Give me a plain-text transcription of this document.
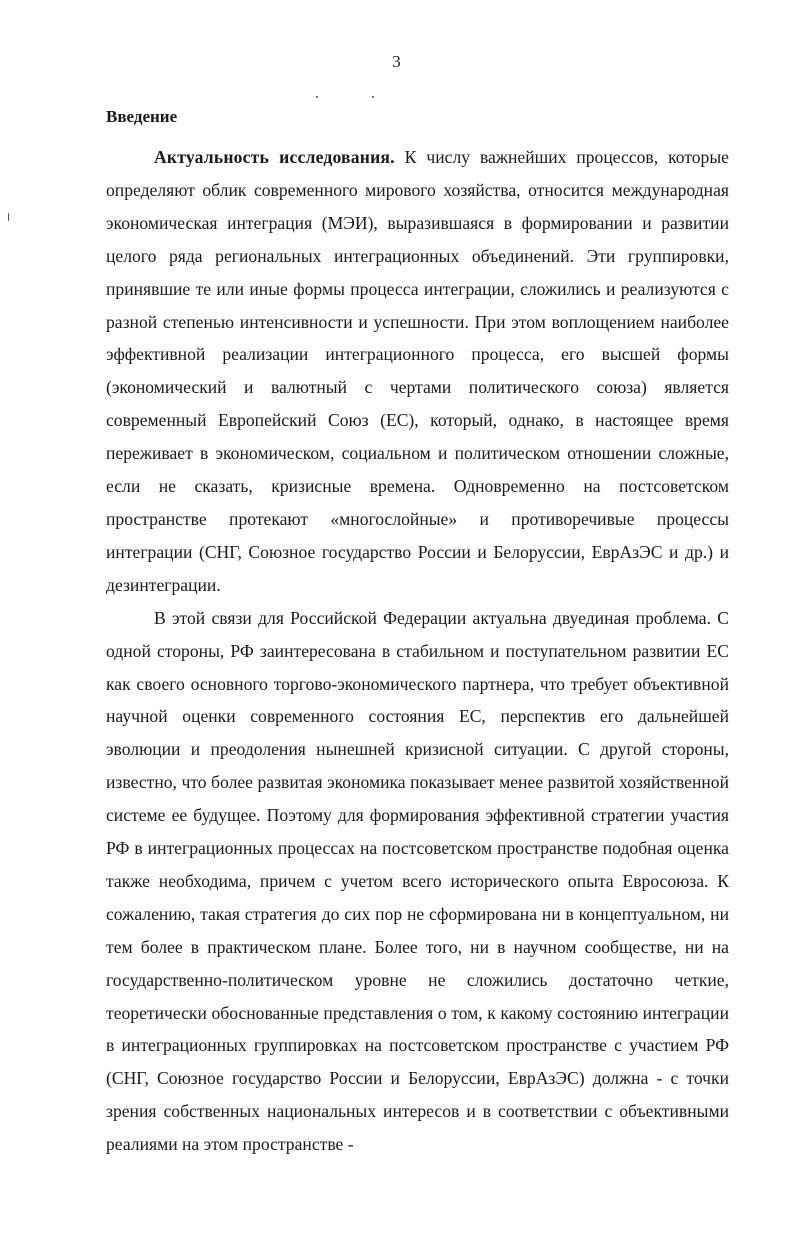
3
Введение

Актуальность исследования. К числу важнейших процессов, которые определяют облик современного мирового хозяйства, относится международная экономическая интеграция (МЭИ), выразившаяся в формировании и развитии целого ряда региональных интеграционных объединений. Эти группировки, принявшие те или иные формы процесса интеграции, сложились и реализуются с разной степенью интенсивности и успешности. При этом воплощением наиболее эффективной реализации интеграционного процесса, его высшей формы (экономический и валютный с чертами политического союза) является современный Европейский Союз (ЕС), который, однако, в настоящее время переживает в экономическом, социальном и политическом отношении сложные, если не сказать, кризисные времена. Одновременно на постсоветском пространстве протекают «многослойные» и противоречивые процессы интеграции (СНГ, Союзное государство России и Белоруссии, ЕврАзЭС и др.) и дезинтеграции.

В этой связи для Российской Федерации актуальна двуединая проблема. С одной стороны, РФ заинтересована в стабильном и поступательном развитии ЕС как своего основного торгово-экономического партнера, что требует объективной научной оценки современного состояния ЕС, перспектив его дальнейшей эволюции и преодоления нынешней кризисной ситуации. С другой стороны, известно, что более развитая экономика показывает менее развитой хозяйственной системе ее будущее. Поэтому для формирования эффективной стратегии участия РФ в интеграционных процессах на постсоветском пространстве подобная оценка также необходима, причем с учетом всего исторического опыта Евросоюза. К сожалению, такая стратегия до сих пор не сформирована ни в концептуальном, ни тем более в практическом плане. Более того, ни в научном сообществе, ни на государственно-политическом уровне не сложились достаточно четкие, теоретически обоснованные представления о том, к какому состоянию интеграции в интеграционных группировках на постсоветском пространстве с участием РФ (СНГ, Союзное государство России и Белоруссии, ЕврАзЭС) должна - с точки зрения собственных национальных интересов и в соответствии с объективными реалиями на этом пространстве -
